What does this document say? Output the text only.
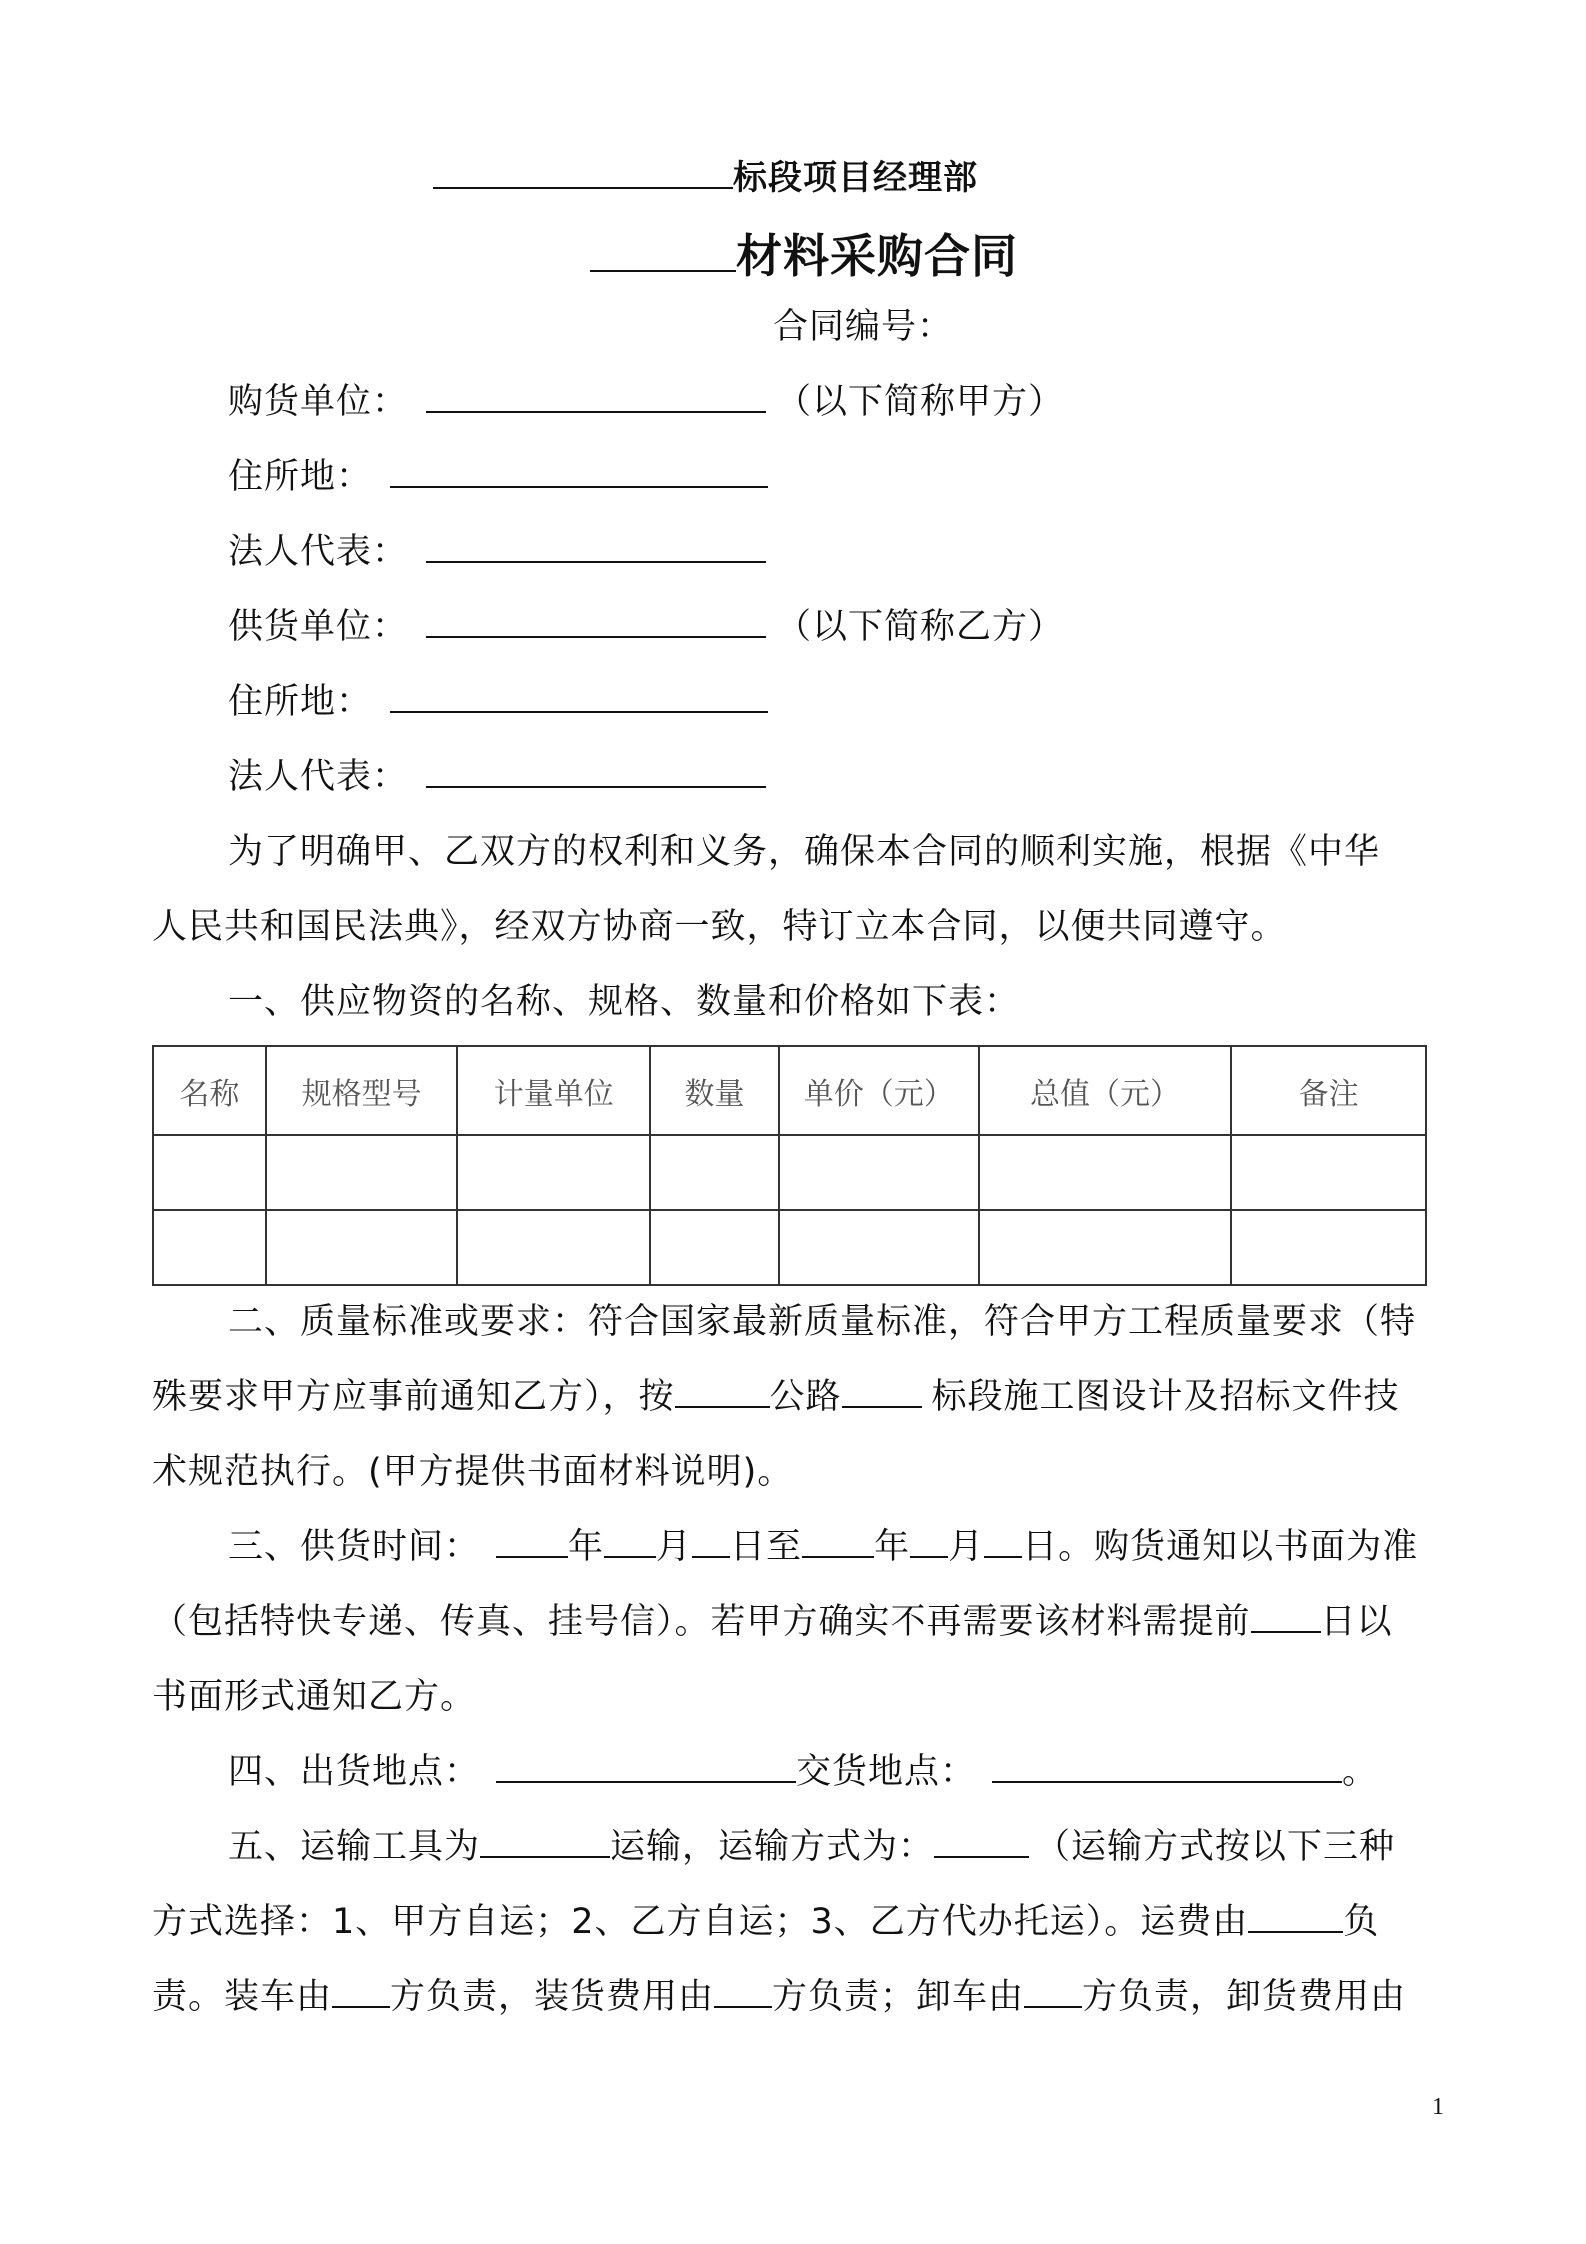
标段项目经理部
材料采购合同
合同编号：
购货单位：	（以下简称甲方）
住所地：
法人代表：
供货单位：	（以下简称乙方）
住所地：
法人代表：
为了明确甲、乙双方的权利和义务，确保本合同的顺利实施，根据《中华
人民共和国民法典》，经双方协商一致，特订立本合同，以便共同遵守。
一、供应物资的名称、规格、数量和价格如下表：
名称	规格型号	计量单位	数量	单价（元）	总值（元）	备注

二、质量标准或要求：符合国家最新质量标准，符合甲方工程质量要求（特
殊要求甲方应事前通知乙方），按	公路	标段施工图设计及招标文件技
术规范执行。(甲方提供书面材料说明)。
三、供货时间：	年 月 日至 年 月 日。购货通知以书面为准
（包括特快专递、传真、挂号信）。若甲方确实不再需要该材料需提前 日以
书面形式通知乙方。
四、出货地点：	交货地点：	。
五、运输工具为	运输，运输方式为：	（运输方式按以下三种
方式选择：1、甲方自运；2、乙方自运；3、乙方代办托运）。运费由	负
责。装车由 方负责，装货费用由 方负责；卸车由 方负责，卸货费用由
1
